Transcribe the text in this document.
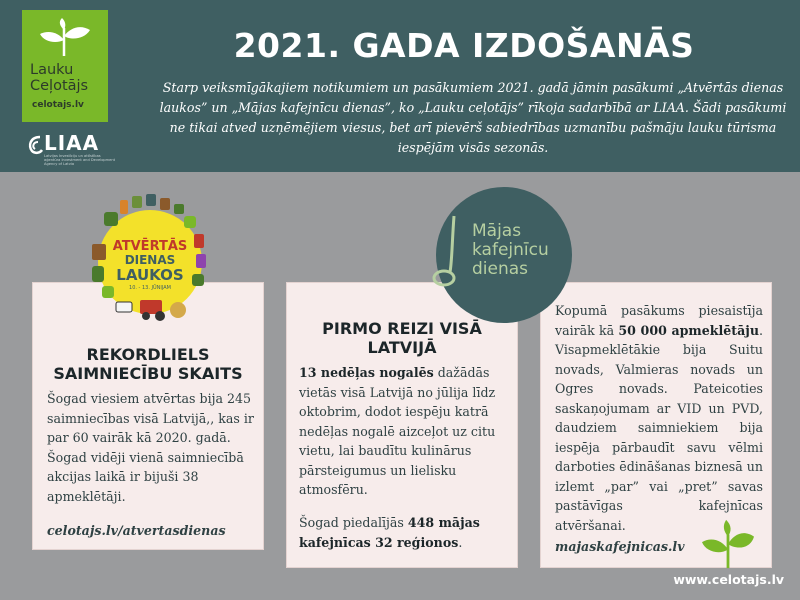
Lauku
Ceļotājs
celotajs.lv
LIAA
Latvijas Investīciju un attīstības aģentūra Investment and Development Agency of Latvia
2021. GADA IZDOŠANĀS
Starp veiksmīgākajiem notikumiem un pasākumiem 2021. gadā jāmin pasākumi „Atvērtās dienas laukos” un „Mājas kafejnīcu dienas”, ko „Lauku ceļotājs” rīkoja sadarbībā ar LIAA. Šādi pasākumi ne tikai atved uzņēmējiem viesus, bet arī pievērš sabiedrības uzmanību pašmāju lauku tūrisma iespējām visās sezonās.
REKORDLIELS SAIMNIECĪBU SKAITS
Šogad viesiem atvērtas bija 245 saimniecības visā Latvijā,, kas ir par 60 vairāk kā 2020. gadā. Šogad vidēji vienā saimniecībā akcijas laikā ir bijuši 38 apmeklētāji.
celotajs.lv/atvertasdienas
PIRMO REIZI VISĀ LATVIJĀ
13 nedēļas nogalēs dažādās vietās visā Latvijā no jūlija līdz oktobrim, dodot iespēju katrā nedēļas nogalē aizceļot uz citu vietu, lai baudītu kulinārus pārsteigumus un lielisku atmosfēru.
Šogad piedalījās 448 mājas kafejnīcas 32 reģionos.
Kopumā pasākums piesaistīja vairāk kā 50 000 apmeklētāju. Visapmeklētākie bija Suitu novads, Valmieras novads un Ogres novads. Pateicoties saskaņojumam ar VID un PVD, daudziem saimniekiem bija iespēja pārbaudīt savu vēlmi darboties ēdināšanas biznesā un izlemt „par” vai „pret” savas pastāvīgas kafejnīcas atvēršanai.
majaskafejnicas.lv
ATVĒRTĀS
DIENAS
LAUKOS
10. - 13. JŪNIJAM
Mājas
kafejnīcu
dienas
www.celotajs.lv
